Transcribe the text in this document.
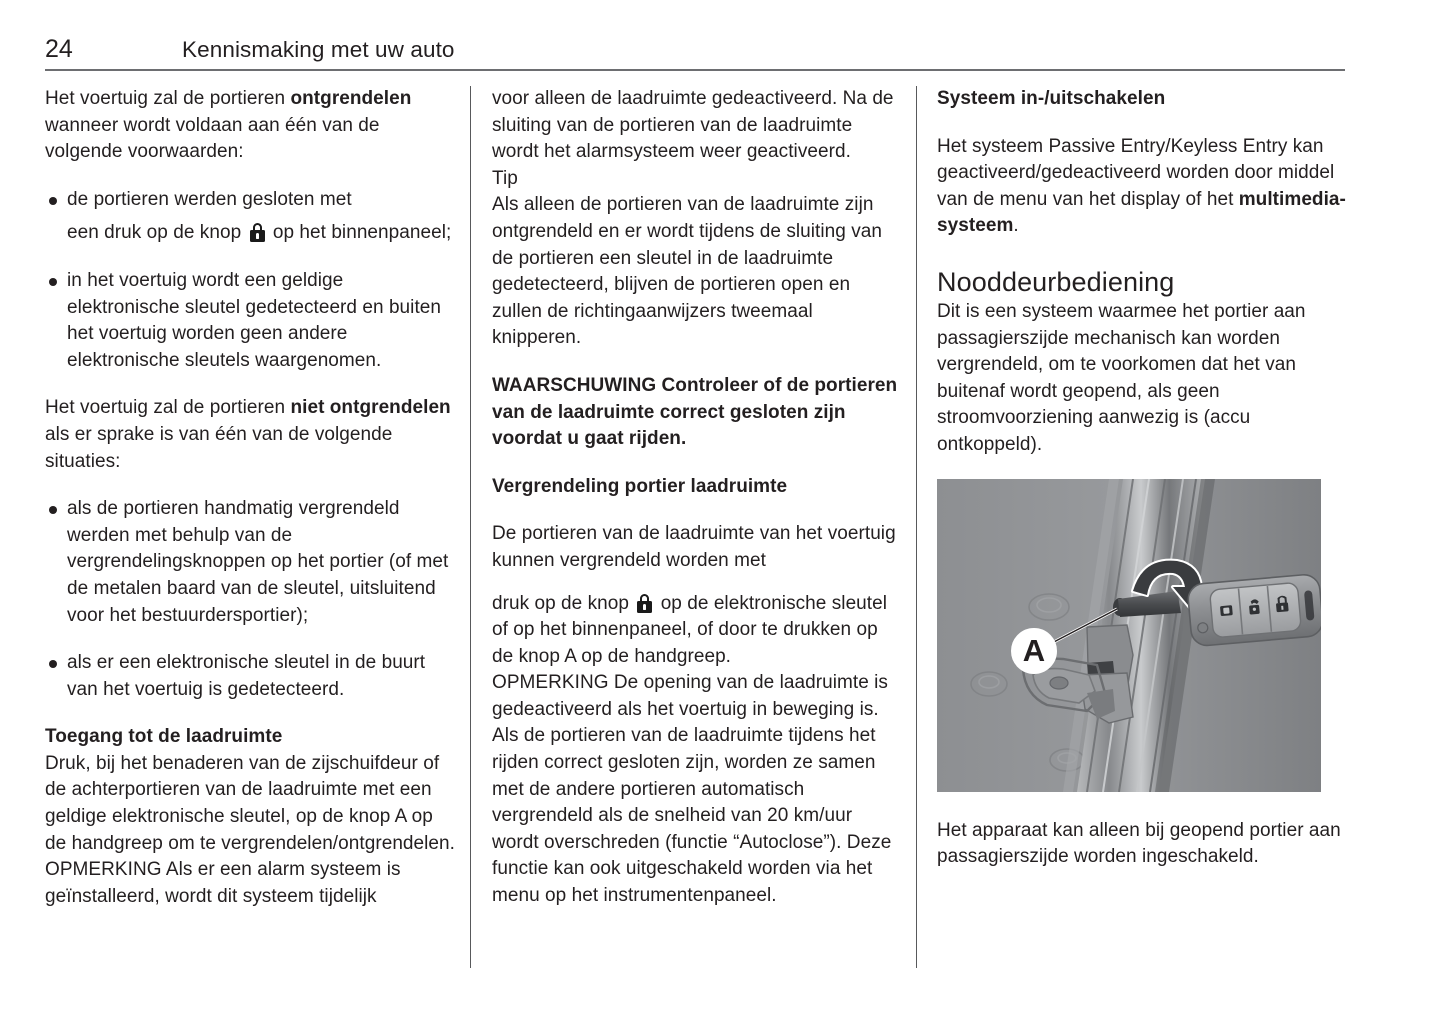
24	Kennismaking met uw auto

Het voertuig zal de portieren ontgrendelen wanneer wordt voldaan aan één van de volgende voorwaarden:

de portieren werden gesloten met
een druk op de knop
op het binnenpaneel;
in het voertuig wordt een geldige elektronische sleutel gedetecteerd en buiten het voertuig worden geen andere elektronische sleutels waargenomen.

Het voertuig zal de portieren niet ontgrendelen als er sprake is van één van de volgende situaties:

als de portieren handmatig vergrendeld werden met behulp van de vergrendelingsknoppen op het portier (of met de metalen baard van de sleutel, uitsluitend voor het bestuurdersportier);
als er een elektronische sleutel in de buurt van het voertuig is gedetecteerd.
Toegang tot de laadruimte

Druk, bij het benaderen van de zijschuifdeur of de achterportieren van de laadruimte met een geldige elektronische sleutel, op de knop A op de handgreep om te vergrendelen/ontgrendelen.

OPMERKING Als er een alarm systeem is geïnstalleerd, wordt dit systeem tijdelijk

voor alleen de laadruimte gedeactiveerd. Na de sluiting van de portieren van de laadruimte wordt het alarmsysteem weer geactiveerd.

Tip

Als alleen de portieren van de laadruimte zijn ontgrendeld en er wordt tijdens de sluiting van de portieren een sleutel in de laadruimte gedetecteerd, blijven de portieren open en zullen de richtingaanwijzers tweemaal knipperen.

WAARSCHUWING Controleer of de portieren van de laadruimte correct gesloten zijn voordat u gaat rijden.

Vergrendeling portier laadruimte

De portieren van de laadruimte van het voertuig kunnen vergrendeld worden met

druk op de knop
op de elektronische sleutel of op het binnenpaneel, of door te drukken op de knop A op de handgreep.

OPMERKING De opening van de laadruimte is gedeactiveerd als het voertuig in beweging is.

Als de portieren van de laadruimte tijdens het rijden correct gesloten zijn, worden ze samen met de andere portieren automatisch vergrendeld als de snelheid van 20 km/uur wordt overschreden (functie “Autoclose”). Deze functie kan ook uitgeschakeld worden via het menu op het instrumentenpaneel.

Systeem in-/uitschakelen

Het systeem Passive Entry/Keyless Entry kan geactiveerd/gedeactiveerd worden door middel van de menu van het display of het multimedia-systeem.

Nooddeurbediening

Dit is een systeem waarmee het portier aan passagierszijde mechanisch kan worden vergrendeld, om te voorkomen dat het van buitenaf wordt geopend, als geen stroomvoorziening aanwezig is (accu ontkoppeld).

A

Het apparaat kan alleen bij geopend portier aan passagierszijde worden ingeschakeld.
